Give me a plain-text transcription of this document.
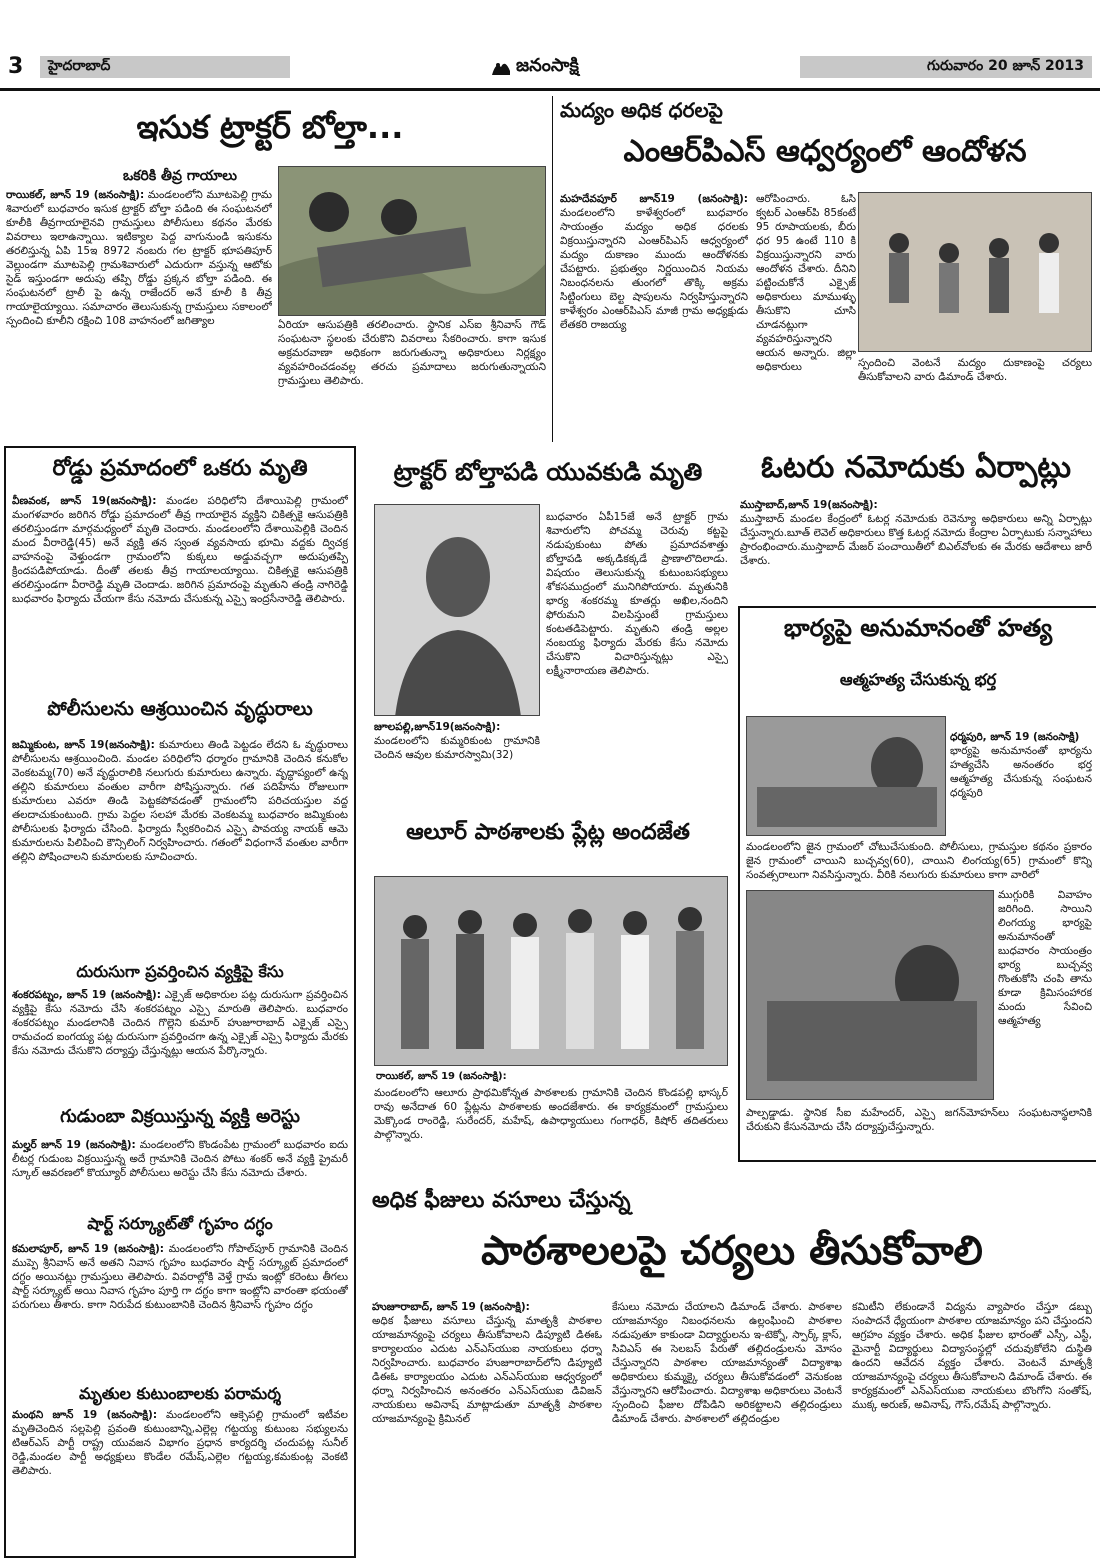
3 హైదరాబాద్	జనంసాక్షి	గురువారం 20 జూన్ 2013
ఇసుక ట్రాక్టర్ బోల్తా...
ఒకరికి తీవ్ర గాయాలు
రాయికల్, జూన్ 19 (జనంసాక్షి): మండలంలోని మూటపెల్లి గ్రామ శివారులో బుధవారం ఇసుక ట్రాక్టర్ బోల్తా పడింది ఈ సంఘటనలో కూలీకి తీవ్రగాయాలైనవి గ్రామస్తులు పోలీసులు కథనం మేరకు వివరాలు ఇలాఉన్నాయి. ఇటిక్యాల పెద్ద వాగునుండి ఇసుకను తరలిస్తున్న ఏపి 15ఇ 8972 నంబరు గల ట్రాక్టర్ భూపతిపూర్ వెల్లుండగా మూటపెల్లి గ్రామశివారులో ఎదురుగా వస్తున్న ఆటోకు సైడ్ ఇస్తుండగా అదుపు తప్పి రోడ్డు ప్రక్కన బోల్తా పడింది. ఈ సంఘటనలో ట్రాలీ పై ఉన్న రాజేందర్ అనే కూలీ కి తీవ్ర గాయాలైయ్యాయి. సమాచారం తెలుసుకున్న గ్రామస్తులు సకాలంలో స్పందించి కూలీని రక్షించి 108 వాహనంలో జగిత్యాల	ఏరియా ఆసుపత్రికి తరలించారు. స్థానిక ఎస్ఐ శ్రీనివాస్ గౌడ్ సంఘటనా స్థలంకు చేరుకొని వివరాలు సేకరించారు. కాగా ఇసుక అక్రమరవాణా అధికంగా జరుగుతున్నా అధికారులు నిర్లక్ష్యం వ్యవహరించడంవల్ల తరచు ప్రమాదాలు జరుగుతున్నాయని గ్రామస్తులు తెలిపారు.
మద్యం అధిక ధరలపై
ఎంఆర్‌పిఎస్ ఆధ్వర్యంలో ఆందోళన
మహదేవపూర్ జూన్19 (జనంసాక్షి): మండలంలోని కాళేశ్వరంలో బుధవారం సాయంత్రం మద్యం అధిక ధరలకు విక్రయిస్తున్నారని ఎంఆర్‌పిఎస్ ఆధ్వర్యంలో మద్యం దుకాణం ముందు ఆందోళనకు చేపట్టారు. ప్రభుత్వం నిర్ణయించిన నియమ నిబంధనలను తుంగలో తొక్కి అక్రమ సిట్టింగులు బెల్ట షాపులను నిర్వహిస్తున్నారని కాళేశ్వరం ఎంఆర్‌పిఎస్ మాజీ గ్రామ అధ్యక్షుడు లేతకరి రాజయ్య
ఆరోపించారు. ఓసి క్వటర్ ఎంఆర్‌పి 85కంటే 95 రూపాయలకు, బీరు ధర 95 ఉంటే 110 కి విక్రయిస్తున్నారని వారు ఆందోళన చేశారు. దీనిని పట్టించుకోనే ఎక్సైజ్ అధికారులు మాముళ్ళు తీసుకొని చూసి చూడనట్లుగా వ్యవహరిస్తున్నారని ఆయన అన్నారు. జిల్లా అధికారులు	స్పందించి వెంటనే మద్యం దుకాణంపై చర్యలు తీసుకోవాలని వారు డిమాండ్ చేశారు.
రోడ్డు ప్రమాదంలో ఒకరు మృతి
వీణవంక, జూన్ 19(జనంసాక్షి): మండల పరిధిలోని దేశాయిపెల్లి గ్రామంలో మంగళవారం జరిగిన రోడ్డు ప్రమాదంలో తీవ్ర గాయాలైన వ్యక్తిని చికిత్సకై ఆసుపత్రికి తరలిస్తుండగా మార్గమధ్యంలో మృతి చెందారు. మండలంలోని దేశాయిపెల్లికి చెందిన మంద వీరారెడ్డి(45) అనే వ్యక్తి తన స్వంత వ్యవసాయ భూమి వద్దకు ద్విచక్ర వాహనంపై వెళ్తుండగా గ్రామంలోని కుక్కలు అడ్డువచ్చగా అదుపుతప్పి క్రిందపడిపోయాడు. దీంతో తలకు తీవ్ర గాయాలయ్యాయి. చికిత్సకై ఆసుపత్రికి తరలిస్తుండగా వీరారెడ్డి మృతి చెందాడు. జరిగిన ప్రమాదంపై మృతుని తండ్రి నాగిరెడ్డి బుధవారం ఫిర్యాదు చేయగా కేసు నమోదు చేసుకున్న ఎస్సై ఇంద్రసేనారెడ్డి తెలిపారు.
పోలీసులను ఆశ్రయించిన వృద్ధురాలు
జమ్మికుంట, జూన్ 19(జనంసాక్షి): కుమారులు తిండి పెట్టడం లేదని ఓ వృద్ధురాలు పోలీసులను ఆశ్రయించింది. మండల పరిధిలోని ధర్మారం గ్రామానికి చెందిన కనుకోల వెంకటమ్మ(70) అనే వృద్ధురాలికి నలుగురు కుమారులు ఉన్నారు. వృద్ధాప్యంలో ఉన్న తల్లిని కుమారులు వంతుల వారీగా పోషిస్తున్నారు. గత పదిహేను రోజులుగా కుమారులు ఎవరూ తిండి పెట్టకపోవడంతో గ్రామంలోని పరిచయస్తుల వద్ద తలదాచుకుంటుంది. గ్రామ పెద్దల సలహా మేరకు వెంకటమ్మ బుధవారం జమ్మికుంట పోలీసులకు ఫిర్యాదు చేసింది. ఫిర్యాదు స్వీకరించిన ఎస్సై పావయ్య నాయక్ ఆమె కుమారులను పిలిపించి కౌన్సిలింగ్ నిర్వహించారు. గతంలో విధంగానే వంతుల వారీగా తల్లిని పోషించాలని కుమారులకు సూచించారు.
దురుసుగా ప్రవర్తించిన వ్యక్తిపై కేసు
శంకరపట్నం, జూన్ 19 (జనంసాక్షి): ఎక్సైజ్ అధికారుల పట్ల దురుసుగా ప్రవర్తించిన వ్యక్తిపై కేసు నమోదు చేసి శంకరపట్నం ఎస్సై మారుతి తెలిపారు. బుధవారం శంకరపట్నం మండలానికి చెందిన గొల్లెని కుమార్ హుజూరాబాద్ ఎక్సైజ్ ఎస్సై రామచంద ఐంగయ్య పట్ల దురుసుగా ప్రవర్తించగా ఉన్న ఎక్సైజ్ ఎస్సై ఫిర్యాదు మేరకు కేసు నమోదు చేసుకొని దర్యాప్తు చేస్తున్నట్లు ఆయన పేర్కొన్నారు.
గుడుంబా విక్రయిస్తున్న వ్యక్తి అరెస్టు
మల్హర్ జూన్ 19 (జనంసాక్షి): మండలంలోని కొండంపేట గ్రామంలో బుధవారం ఐదు లీటర్ల గుడుంబ విక్రయిస్తున్న అదే గ్రామానికి చెందిన పోటు శంకర్ అనే వ్యక్తి ప్రైమరీ స్కూల్ ఆవరణలో కొయ్యూర్ పోలీసులు అరెస్టు చేసి కేసు నమోదు చేశారు.
షార్ట్ సర్క్యూట్‌తో గృహం దగ్ధం
కమలాపూర్, జూన్ 19 (జనంసాక్షి): మండలంలోని గోపాల్‌పూర్ గ్రామానికి చెందిన ముప్పె శ్రీనివాస్ అనే అతని నివాస గృహం బుధవారం షార్ట్ సర్క్యూట్ ప్రమాదంలో దగ్ధం అయినట్లు గ్రామస్తులు తెలిపారు. వివరాల్లోకి వెళ్తే గ్రామ ఇంట్లో కరెంటు తీగలు షార్ట్ సర్క్యూట్ అయి నివాస గృహం పూర్తి గా దగ్ధం కాగా ఇంట్లోని వారంతా భయంతో పరుగులు తీశారు. కాగా నిరుపేద కుటుంబానికి చెందిన శ్రీనివాస్ గృహం దగ్ధం
మృతుల కుటుంబాలకు పరామర్శ
మంథని జూన్ 19 (జనంసాక్షి): మండలంలోని ఆక్సెపల్లి గ్రామంలో ఇటీవల మృతిచెందిన సల్లపెల్లి ప్రవంతి కుటుంబాన్ని,ఎల్లెల్ల గట్టయ్య కుటుంబ సభ్యులను టిఆర్ఎస్ పార్టీ రాష్ట్ర యువజన విభాగం ప్రధాన కార్యదర్శి చందుపట్ల సునీల్ రెడ్డి,మండల పార్టీ అధ్యక్షులు కొండేల రమేష్,ఎల్లెల గట్టయ్య,కమకుంట్ల వెంకటి తెలిపారు.
ట్రాక్టర్ బోల్తాపడి యువకుడి మృతి
జూలపల్లి,జూన్19(జనంసాక్షి): మండలంలోని కుమ్మరికుంట గ్రామానికి చెందిన ఆవుల కుమారస్వామి(32)
బుధవారం ఏపీ15జే అనే ట్రాక్టర్ గ్రామ శివారులోని పోచమ్మ చెరువు కట్టపై నడుపుకుంటు పోతు ప్రమాదవశాత్తు బోల్తాపడి అక్కడికక్కడే ప్రాణాలొదిలాడు. విషయం తెలుసుకున్న కుటుంబసభ్యులు శోకసముద్రంలో మునిగిపోయారు. మృతునికి భార్య శంకరమ్మ కూతర్లు అఖిల,నందిని ఫోరుమని విలపిస్తుంటే గ్రామస్తులు కంటతడిపెట్టారు. మృతుని తండ్రి అల్లల నంబయ్య ఫిర్యాదు మేరకు కేసు నమోదు చేసుకొని విచారిస్తున్నట్లు ఎస్సై లక్ష్మీనారాయణ తెలిపారు.
ఆలూర్ పాఠశాలకు ప్లేట్ల అందజేత
రాయికల్, జూన్ 19 (జనంసాక్షి):
మండలంలోని ఆలూరు ప్రాథమికోన్నత పాఠశాలకు గ్రామానికి చెందిన కొండపల్లి భాస్కర్ రావు అనేదాత 60 ప్లేట్లను పాఠశాలకు అందజేశారు. ఈ కార్యక్రమంలో గ్రామస్తులు మెక్కొండ రాంరెడ్డి, సురేందర్, మహేష్, ఉపాధ్యాయులు గంగాధర్, కిషోర్ తదితరులు పాల్గొన్నారు.
ఓటరు నమోదుకు ఏర్పాట్లు
ముస్తాబాద్,జూన్ 19(జనంసాక్షి):
ముస్తాబాద్ మండల కేంద్రంలో ఓటర్ల నమోదుకు రెవెన్యూ అధికారులు అన్ని ఏర్పాట్లు చేస్తున్నారు.బూత్ లెవెల్ అధికారులు కొత్త ఓటర్ల నమోదు కేంద్రాల ఏర్పాటుకు సన్నాహాలు ప్రారంభించారు.ముస్తాబాద్ మేజర్ పంచాయితీలో బిఎల్‌వోలకు ఈ మేరకు ఆదేశాలు జారీ చేశారు.
భార్యపై అనుమానంతో హత్య
ఆత్మహత్య చేసుకున్న భర్త
ధర్మపురి, జూన్ 19 (జనంసాక్షి)
భార్యపై అనుమానంతో భార్యను హత్యచేసి అనంతరం భర్త ఆత్మహత్య చేసుకున్న సంఘటన ధర్మపురి
మండలంలోని జైన గ్రామంలో చోటుచేసుకుంది. పోలీసులు, గ్రామస్తుల కథనం ప్రకారం జైన గ్రామంలో చాయిని బుచ్చవ్వ(60), చాయిని లింగయ్య(65) గ్రామంలో కొన్ని సంవత్సరాలుగా నివసిస్తున్నారు. వీరికి నలుగురు కుమారులు కాగా వారిలో
ముగ్గురికి వివాహం జరిగింది. సాయిని లింగయ్య భార్యపై అనుమానంతో బుధవారం సాయంత్రం భార్య బుచ్చవ్వ గొంతుకోసి చంపి తాను కూడా క్రిమిసంహారక మందు సేవించి ఆత్మహత్య
పాల్పడ్డాడు. స్థానిక సీఐ మహేందర్, ఎస్సై జగన్‌మోహన్‌లు సంఘటనాస్థలానికి చేరుకుని కేసునమోదు చేసి దర్యాప్తుచేస్తున్నారు.
అధిక ఫీజులు వసూలు చేస్తున్న
పాఠశాలలపై చర్యలు తీసుకోవాలి
హుజూరాబాద్, జూన్ 19 (జనంసాక్షి):
అధిక ఫీజులు వసూలు చేస్తున్న మాతృశ్రీ పాఠశాల యాజమాన్యంపై చర్యలు తీసుకోవాలని డిప్యూటి డిఈఓ కార్యాలయం ఎదుట ఎన్ఎస్‌యుఐ నాయకులు ధర్నా నిర్వహించారు. బుధవారం హుజూరాబాద్‌లోని డిప్యూటి డిఈఓ కార్యాలయం ఎదుట ఎన్ఎస్‌యుఐ ఆధ్వర్యంలో ధర్నా నిర్వహించిన అనంతరం ఎన్ఎస్‌యుఐ డివిజన్ నాయకులు అవినాష్ మాట్లాడుతూ మాతృశ్రీ పాఠశాల యాజమాన్యంపై క్రిమినల్
కేసులు నమోదు చేయాలని డిమాండ్ చేశారు. పాఠశాల యాజమాన్యం నిబంధనలను ఉల్లంఘించి పాఠశాల నడుపుతూ కాకుండా విద్యార్థులను ఇ-టెక్నో, స్పార్క్ క్లాస్, సివిఎస్ ఈ సెలబస్ పేరుతో తల్లిదండ్రులను మోసం చేస్తున్నారని పాఠశాల యాజమాన్యంతో విద్యాశాఖ అధికారులు కుమ్మక్కై చర్యలు తీసుకోవడంలో వెనుకంజ వేస్తున్నారని ఆరోపించారు. విద్యాశాఖ అధికారులు వెంటనే స్పందించి ఫీజుల దోపిడిని అరికట్టాలని తల్లిదండ్రులు డిమాండ్ చేశారు. పాఠశాలలో తల్లిదండ్రుల
కమిటీని లేకుండానే విద్యను వ్యాపారం చేస్తూ డబ్బు సంపాదనే ధ్యేయంగా పాఠశాల యాజమాన్యం పని చేస్తుందని ఆగ్రహం వ్యక్తం చేశారు. అధిక ఫీజుల భారంతో ఎస్సీ, ఎస్టీ, మైనార్టీ విద్యార్థులు విద్యాసంస్థల్లో చదువుకోలేని దుస్థితి ఉందని ఆవేదన వ్యక్తం చేశారు. వెంటనే మాతృశ్రీ యాజమాన్యంపై చర్యలు తీసుకోవాలని డిమాండ్ చేశారు. ఈ కార్యక్రమంలో ఎన్ఎస్‌యుఐ నాయకులు బొంగోని సంతోష్, ముక్క అరుణ్, అవినాష్, గౌస్,రమేష్ పాల్గొన్నారు.
